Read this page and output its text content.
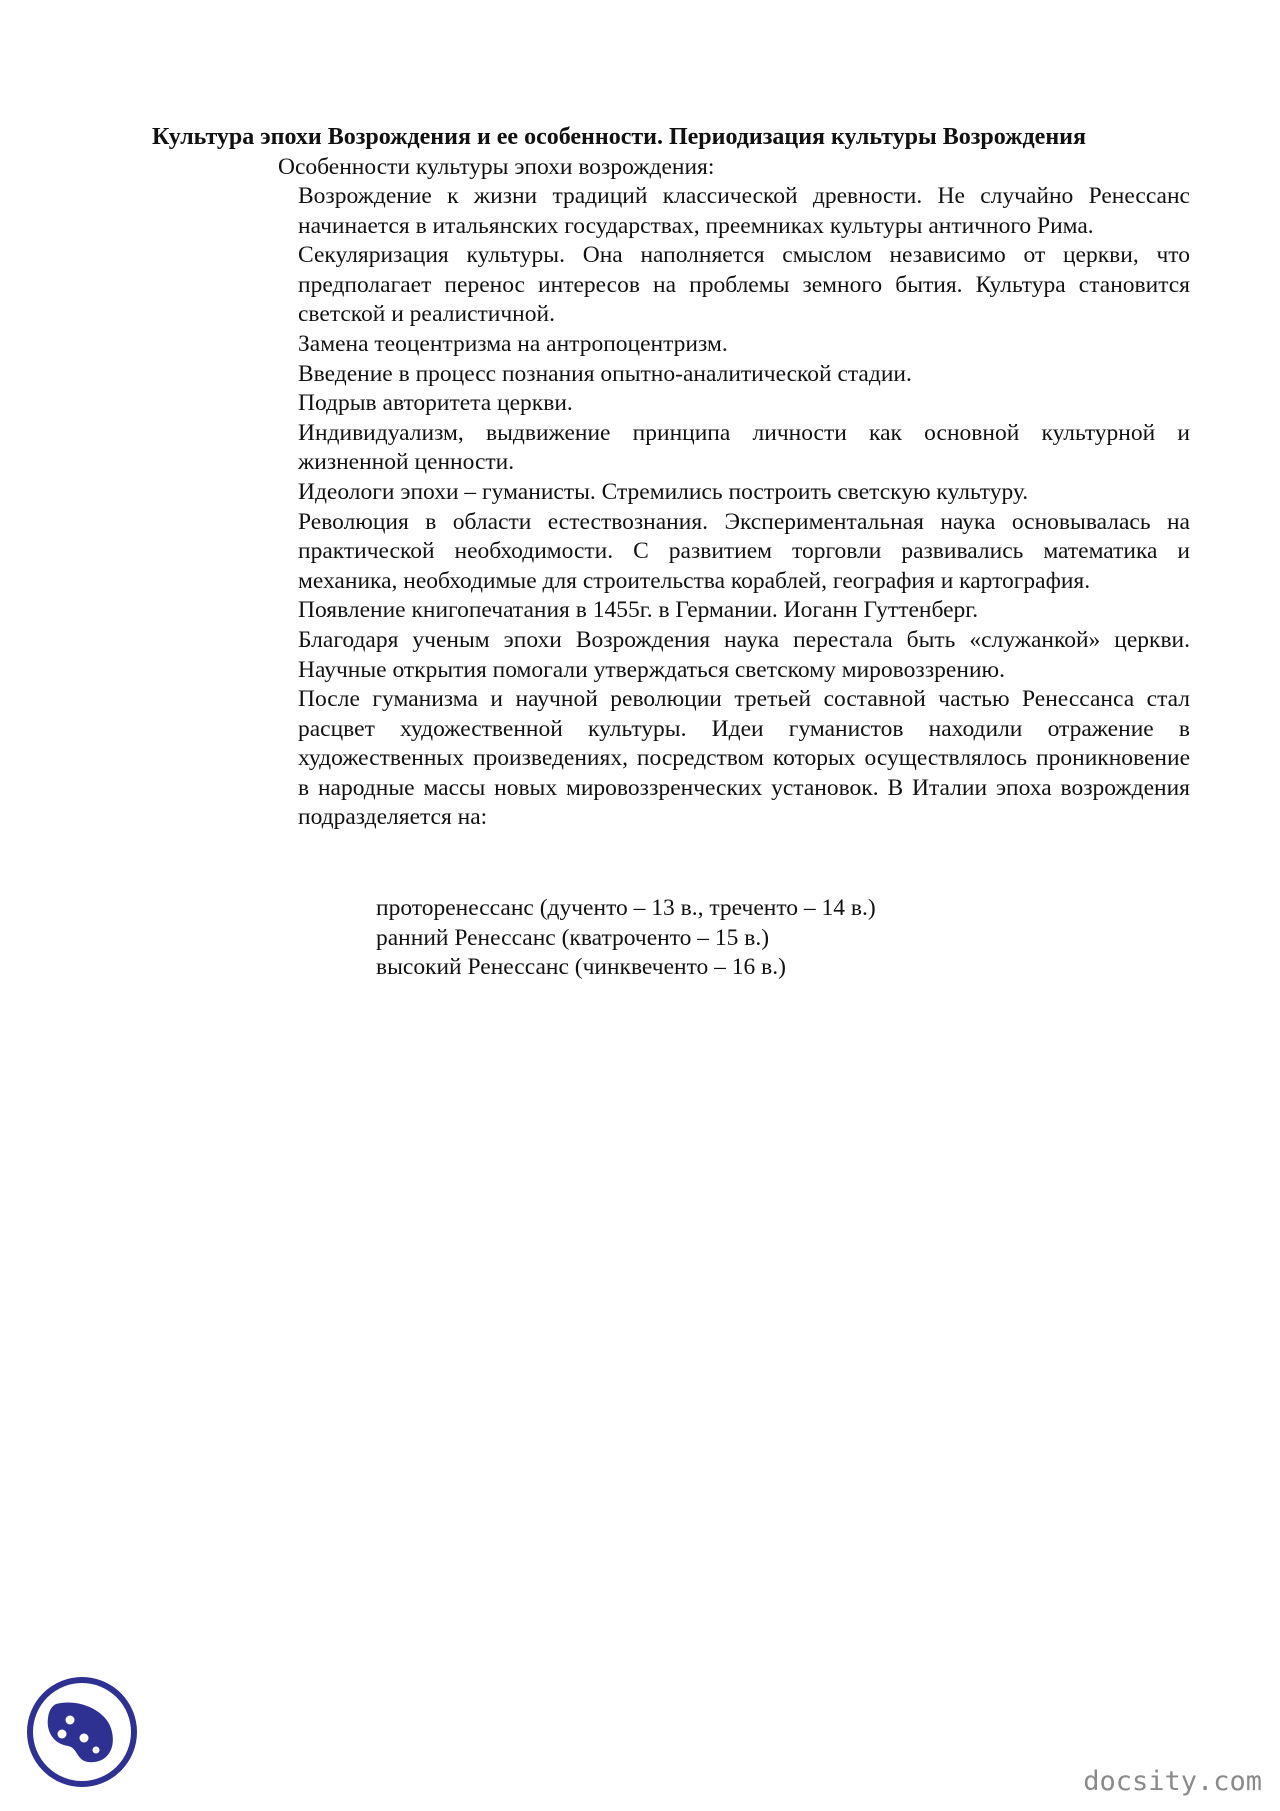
Культура эпохи Возрождения и ее особенности. Периодизация культуры Возрождения
Особенности культуры эпохи возрождения:
Возрождение к жизни традиций классической древности. Не случайно Ренессанс начинается в итальянских государствах, преемниках культуры античного Рима.
Секуляризация культуры. Она наполняется смыслом независимо от церкви, что предполагает перенос интересов на проблемы земного бытия. Культура становится светской и реалистичной.
Замена теоцентризма на антропоцентризм.
Введение в процесс познания опытно-аналитической стадии.
Подрыв авторитета церкви.
Индивидуализм, выдвижение принципа личности как основной культурной и жизненной ценности.
Идеологи эпохи – гуманисты. Стремились построить светскую культуру.
Революция в области естествознания. Экспериментальная наука основывалась на практической необходимости. С развитием торговли развивались математика и механика, необходимые для строительства кораблей, география и картография.
Появление книгопечатания в 1455г. в Германии. Иоганн Гуттенберг.
Благодаря ученым эпохи Возрождения наука перестала быть «служанкой» церкви. Научные открытия помогали утверждаться светскому мировоззрению.
После гуманизма и научной революции третьей составной частью Ренессанса стал расцвет художественной культуры. Идеи гуманистов находили отражение в художественных произведениях, посредством которых осуществлялось проникновение в народные массы новых мировоззренческих установок. В Италии эпоха возрождения подразделяется на:
проторенессанс (дученто – 13 в., треченто – 14 в.)
ранний Ренессанс (кватроченто – 15 в.)
высокий Ренессанс (чинквеченто – 16 в.)
docsity.com
